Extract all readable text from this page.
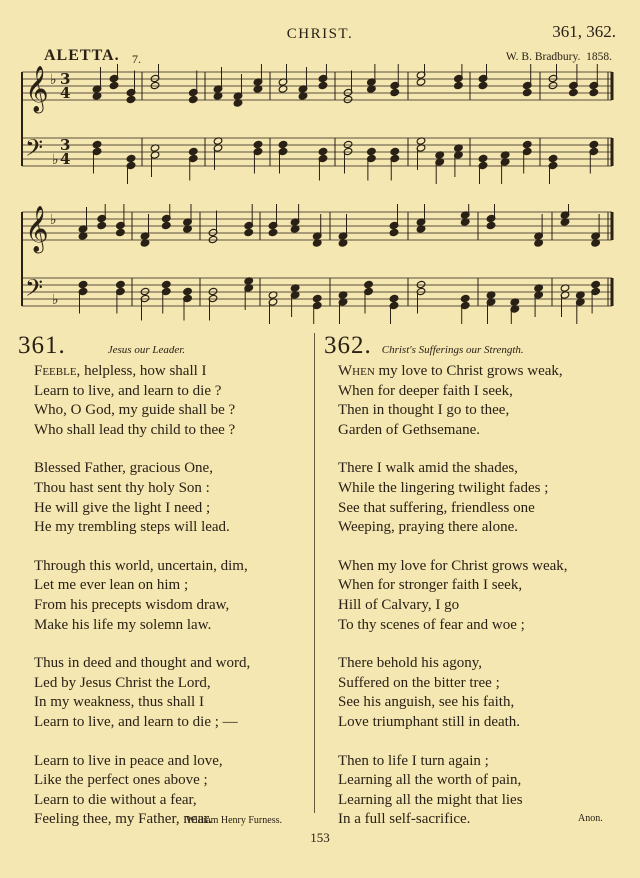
CHRIST.	361, 362.
ALETTA. 7.	W. B. Bradbury. 1858.
𝄞 ♭ 3
4
𝄢 ♭
3
4
𝄞 ♭
𝄢 ♭
361.	Jesus our Leader.
Feeble, helpless, how shall I
Learn to live, and learn to die ?
Who, O God, my guide shall be ?
Who shall lead thy child to thee ?
Blessed Father, gracious One,
Thou hast sent thy holy Son :
He will give the light I need ;
He my trembling steps will lead.
Through this world, uncertain, dim,
Let me ever lean on him ;
From his precepts wisdom draw,
Make his life my solemn law.
Thus in deed and thought and word,
Led by Jesus Christ the Lord,
In my weakness, thus shall I
Learn to live, and learn to die ; —
Learn to live in peace and love,
Like the perfect ones above ;
Learn to die without a fear,
Feeling thee, my Father, near.
William Henry Furness.
362. Christ's Sufferings our Strength.
When my love to Christ grows weak,
When for deeper faith I seek,
Then in thought I go to thee,
Garden of Gethsemane.
There I walk amid the shades,
While the lingering twilight fades ;
See that suffering, friendless one
Weeping, praying there alone.
When my love for Christ grows weak,
When for stronger faith I seek,
Hill of Calvary, I go
To thy scenes of fear and woe ;
There behold his agony,
Suffered on the bitter tree ;
See his anguish, see his faith,
Love triumphant still in death.
Then to life I turn again ;
Learning all the worth of pain,
Learning all the might that lies
In a full self-sacrifice.	Anon.
153
